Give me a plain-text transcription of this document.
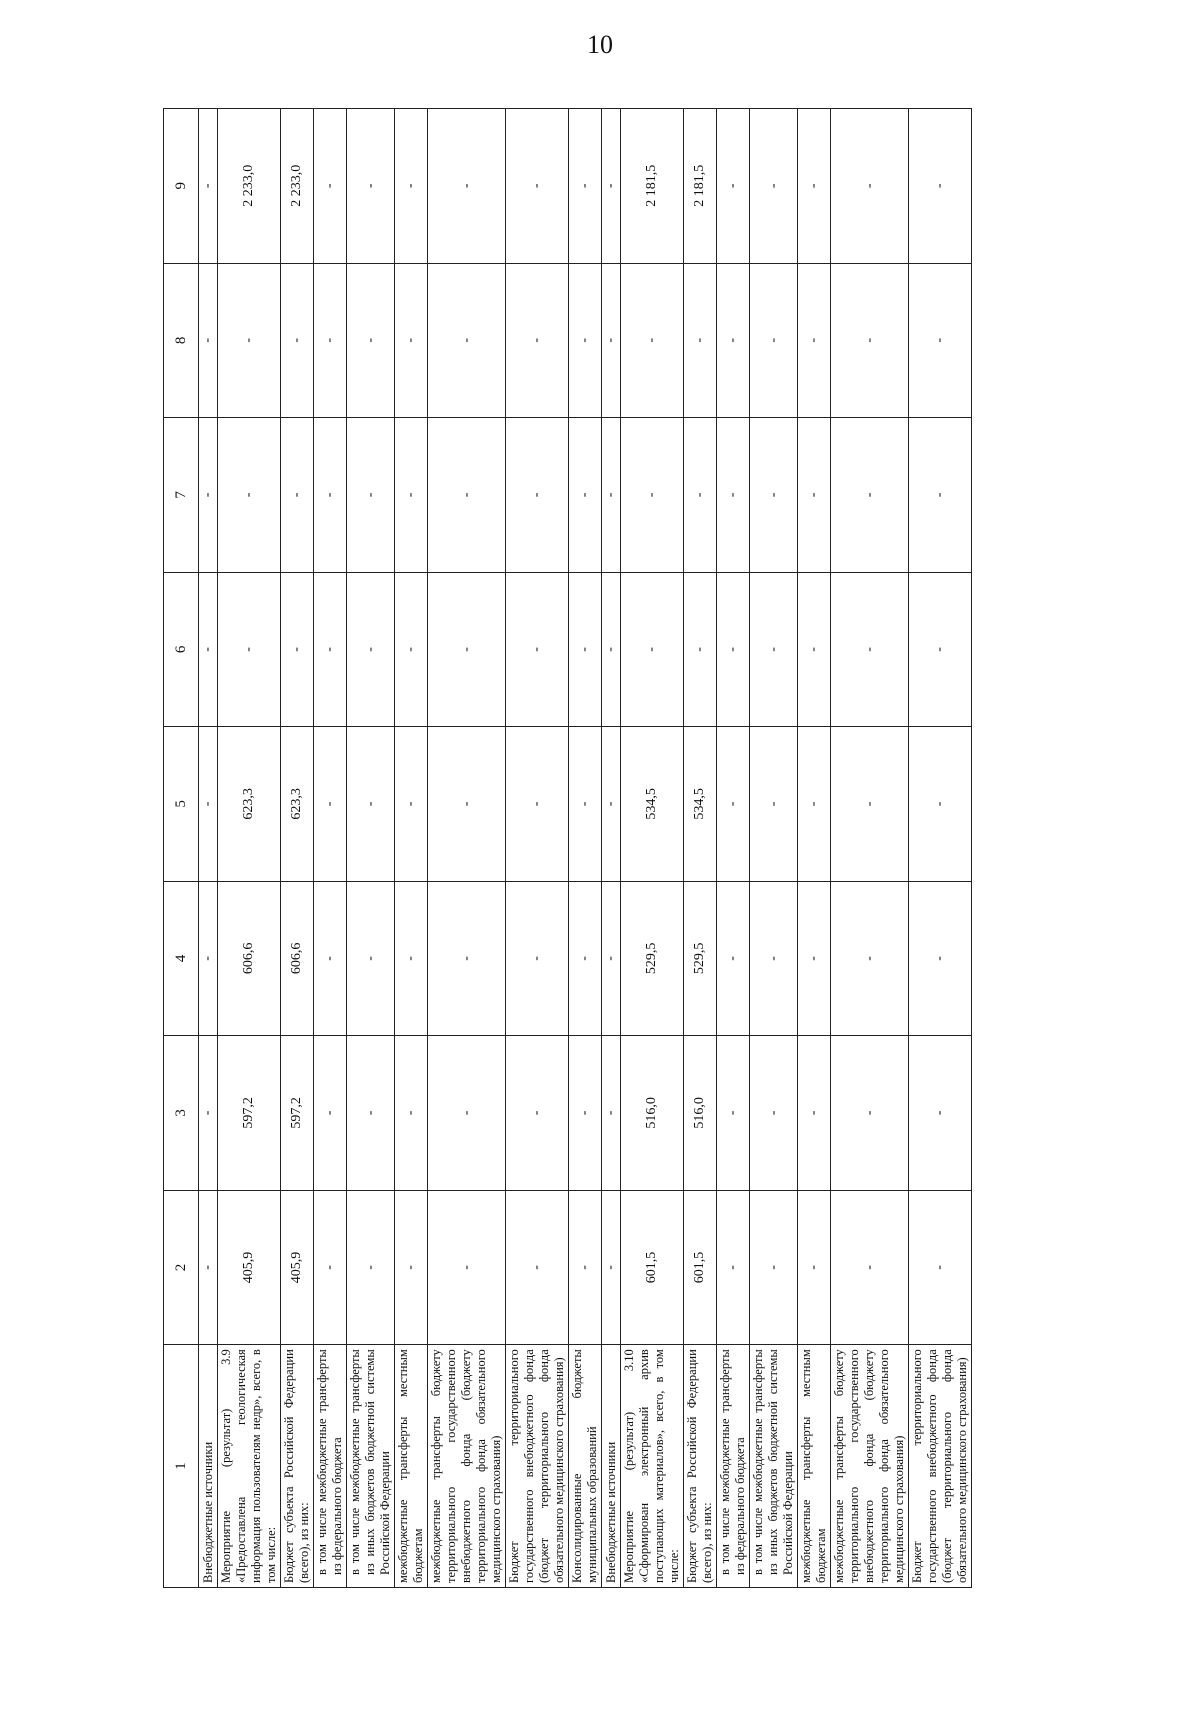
10
1	2	3	4	5	6	7	8	9
Внебюджетные источники	-	-	-	-	-	-	-	-
Мероприятие (результат) 3.9 «Предоставлена геологическая информация пользователям недр», всего, в том числе:	405,9	597,2	606,6	623,3	-	-	-	2 233,0
Бюджет субъекта Российской Федерации (всего), из них:	405,9	597,2	606,6	623,3	-	-	-	2 233,0
в том числе межбюджетные трансферты из федерального бюджета	-	-	-	-	-	-	-	-
в том числе межбюджетные трансферты из иных бюджетов бюджетной системы Российской Федерации	-	-	-	-	-	-	-	-
межбюджетные трансферты местным бюджетам	-	-	-	-	-	-	-	-
межбюджетные трансферты бюджету территориального государственного внебюджетного фонда (бюджету территориального фонда обязательного медицинского страхования)	-	-	-	-	-	-	-	-
Бюджет территориального государственного внебюджетного фонда (бюджет территориального фонда обязательного медицинского страхования)	-	-	-	-	-	-	-	-
Консолидированные бюджеты муниципальных образований	-	-	-	-	-	-	-	-
Внебюджетные источники	-	-	-	-	-	-	-	-
Мероприятие (результат) 3.10 «Сформирован электронный архив поступающих материалов», всего, в том числе:	601,5	516,0	529,5	534,5	-	-	-	2 181,5
Бюджет субъекта Российской Федерации (всего), из них:	601,5	516,0	529,5	534,5	-	-	-	2 181,5
в том числе межбюджетные трансферты из федерального бюджета	-	-	-	-	-	-	-	-
в том числе межбюджетные трансферты из иных бюджетов бюджетной системы Российской Федерации	-	-	-	-	-	-	-	-
межбюджетные трансферты местным бюджетам	-	-	-	-	-	-	-	-
межбюджетные трансферты бюджету территориального государственного внебюджетного фонда (бюджету территориального фонда обязательного медицинского страхования)	-	-	-	-	-	-	-	-
Бюджет территориального государственного внебюджетного фонда (бюджет территориального фонда обязательного медицинского страхования)	-	-	-	-	-	-	-	-
